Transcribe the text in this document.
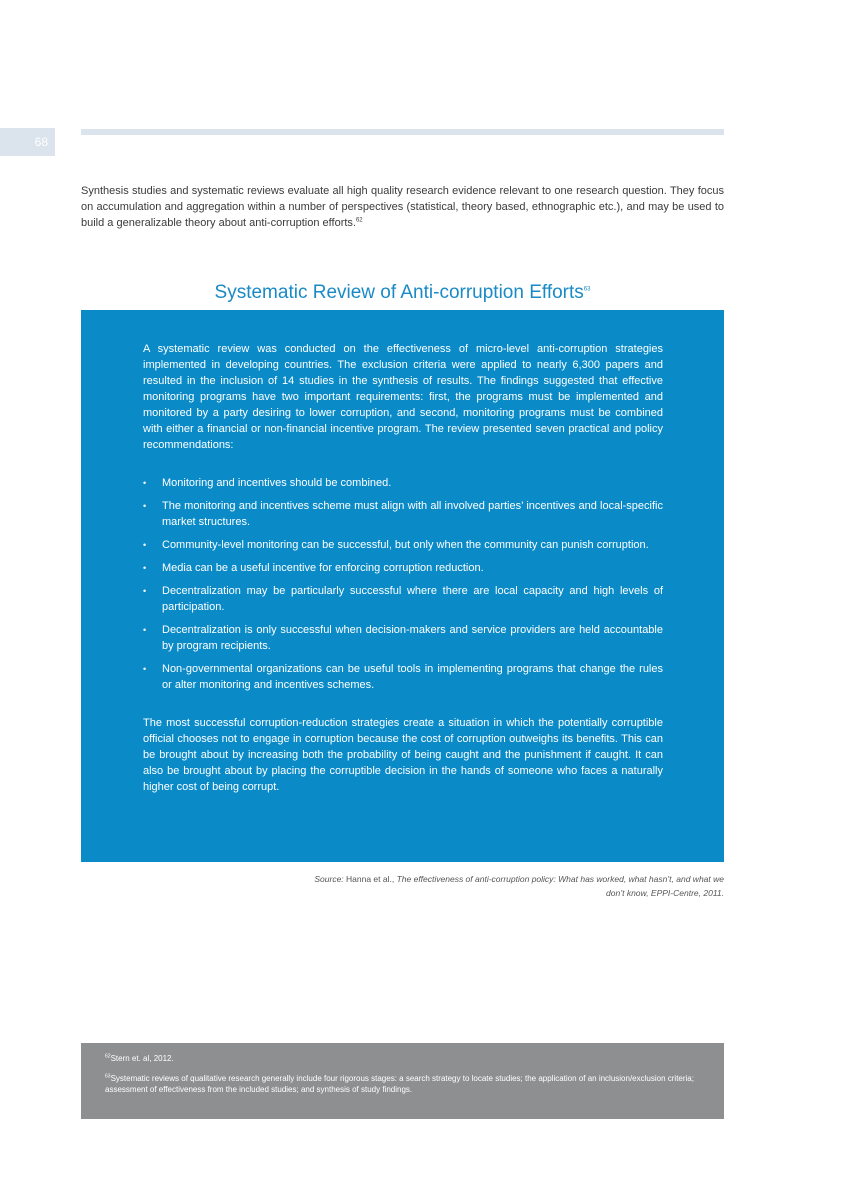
68
Synthesis studies and systematic reviews evaluate all high quality research evidence relevant to one research question. They focus on accumulation and aggregation within a number of perspectives (statistical, theory based, ethnographic etc.), and may be used to build a generalizable theory about anti-corruption efforts.$^{62}$
Systematic Review of Anti-corruption Efforts$^{63}$

A systematic review was conducted on the effectiveness of micro-level anti-corruption strategies implemented in developing countries. The exclusion criteria were applied to nearly 6,300 papers and resulted in the inclusion of 14 studies in the synthesis of results. The findings suggested that effective monitoring programs have two important requirements: first, the programs must be implemented and monitored by a party desiring to lower corruption, and second, monitoring programs must be combined with either a financial or non-financial incentive program. The review presented seven practical and policy recommendations:

• Monitoring and incentives should be combined.
• The monitoring and incentives scheme must align with all involved parties’ incentives and local-specific market structures.
• Community-level monitoring can be successful, but only when the community can punish corruption.
• Media can be a useful incentive for enforcing corruption reduction.
• Decentralization may be particularly successful where there are local capacity and high levels of participation.
• Decentralization is only successful when decision-makers and service providers are held accountable by program recipients.
• Non-governmental organizations can be useful tools in implementing programs that change the rules or alter monitoring and incentives schemes.

The most successful corruption-reduction strategies create a situation in which the potentially corruptible official chooses not to engage in corruption because the cost of corruption outweighs its benefits. This can be brought about by increasing both the probability of being caught and the punishment if caught. It can also be brought about by placing the corruptible decision in the hands of someone who faces a naturally higher cost of being corrupt.

Source: Hanna et al., The effectiveness of anti-corruption policy: What has worked, what hasn’t, and what we don’t know, EPPI-Centre, 2011.

$^{62}$Stern et. al, 2012.

$^{63}$Systematic reviews of qualitative research generally include four rigorous stages: a search strategy to locate studies; the application of an inclusion/exclusion criteria; assessment of effectiveness from the included studies; and synthesis of study findings.
